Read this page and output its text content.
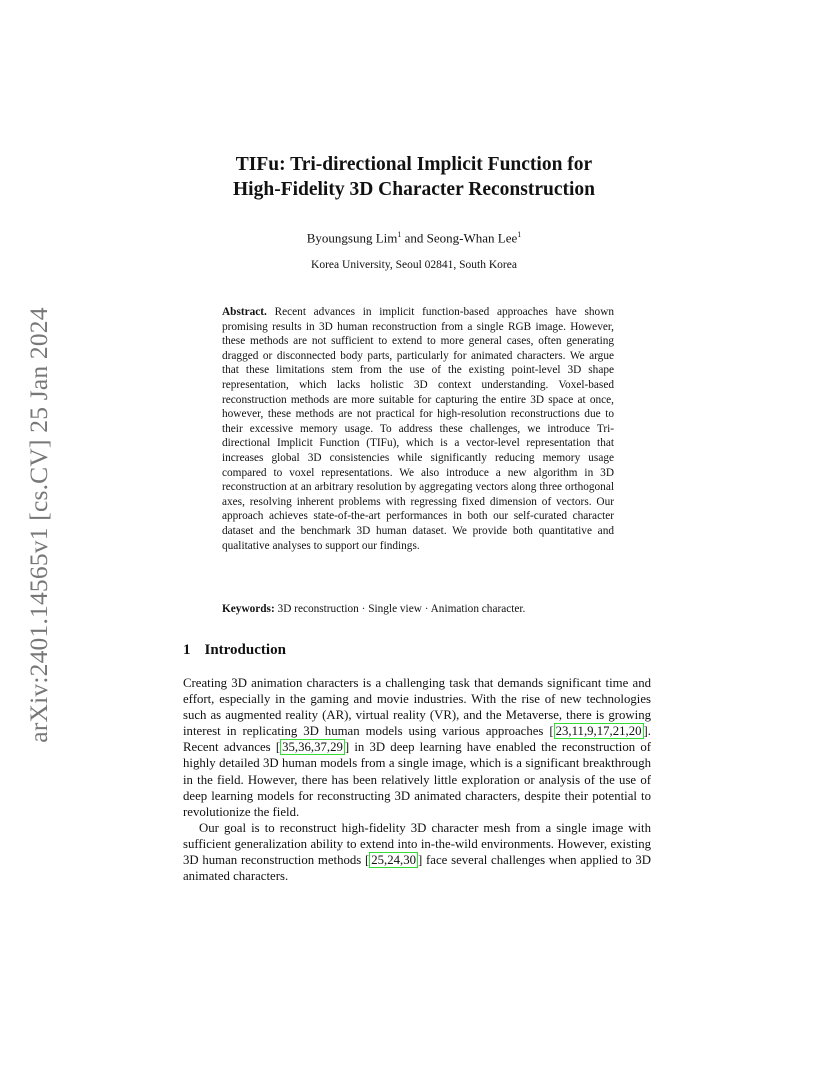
arXiv:2401.14565v1 [cs.CV] 25 Jan 2024
TIFu: Tri-directional Implicit Function for
High-Fidelity 3D Character Reconstruction
Byoungsung Lim$^1$ and Seong-Whan Lee$^1$
Korea University, Seoul 02841, South Korea
Abstract. Recent advances in implicit function-based approaches have shown promising results in 3D human reconstruction from a single RGB image. However, these methods are not sufficient to extend to more general cases, often generating dragged or disconnected body parts, particularly for animated characters. We argue that these limitations stem from the use of the existing point-level 3D shape representation, which lacks holistic 3D context understanding. Voxel-based reconstruction methods are more suitable for capturing the entire 3D space at once, however, these methods are not practical for high-resolution reconstructions due to their excessive memory usage. To address these challenges, we introduce Tri-directional Implicit Function (TIFu), which is a vector-level representation that increases global 3D consistencies while significantly reducing memory usage compared to voxel representations. We also introduce a new algorithm in 3D reconstruction at an arbitrary resolution by aggregating vectors along three orthogonal axes, resolving inherent problems with regressing fixed dimension of vectors. Our approach achieves state-of-the-art performances in both our self-curated character dataset and the benchmark 3D human dataset. We provide both quantitative and qualitative analyses to support our findings.
Keywords: 3D reconstruction · Single view · Animation character.
1 Introduction

Creating 3D animation characters is a challenging task that demands significant time and effort, especially in the gaming and movie industries. With the rise of new technologies such as augmented reality (AR), virtual reality (VR), and the Metaverse, there is growing interest in replicating 3D human models using various approaches [ 23,11,9,17,21,20 ]. Recent advances [ 35,36,37,29 ] in 3D deep learning have enabled the reconstruction of highly detailed 3D human models from a single image, which is a significant breakthrough in the field. However, there has been relatively little exploration or analysis of the use of deep learning models for reconstructing 3D animated characters, despite their potential to revolutionize the field.

Our goal is to reconstruct high-fidelity 3D character mesh from a single image with sufficient generalization ability to extend into in-the-wild environments. However, existing 3D human reconstruction methods [ 25,24,30 ] face several challenges when applied to 3D animated characters.
